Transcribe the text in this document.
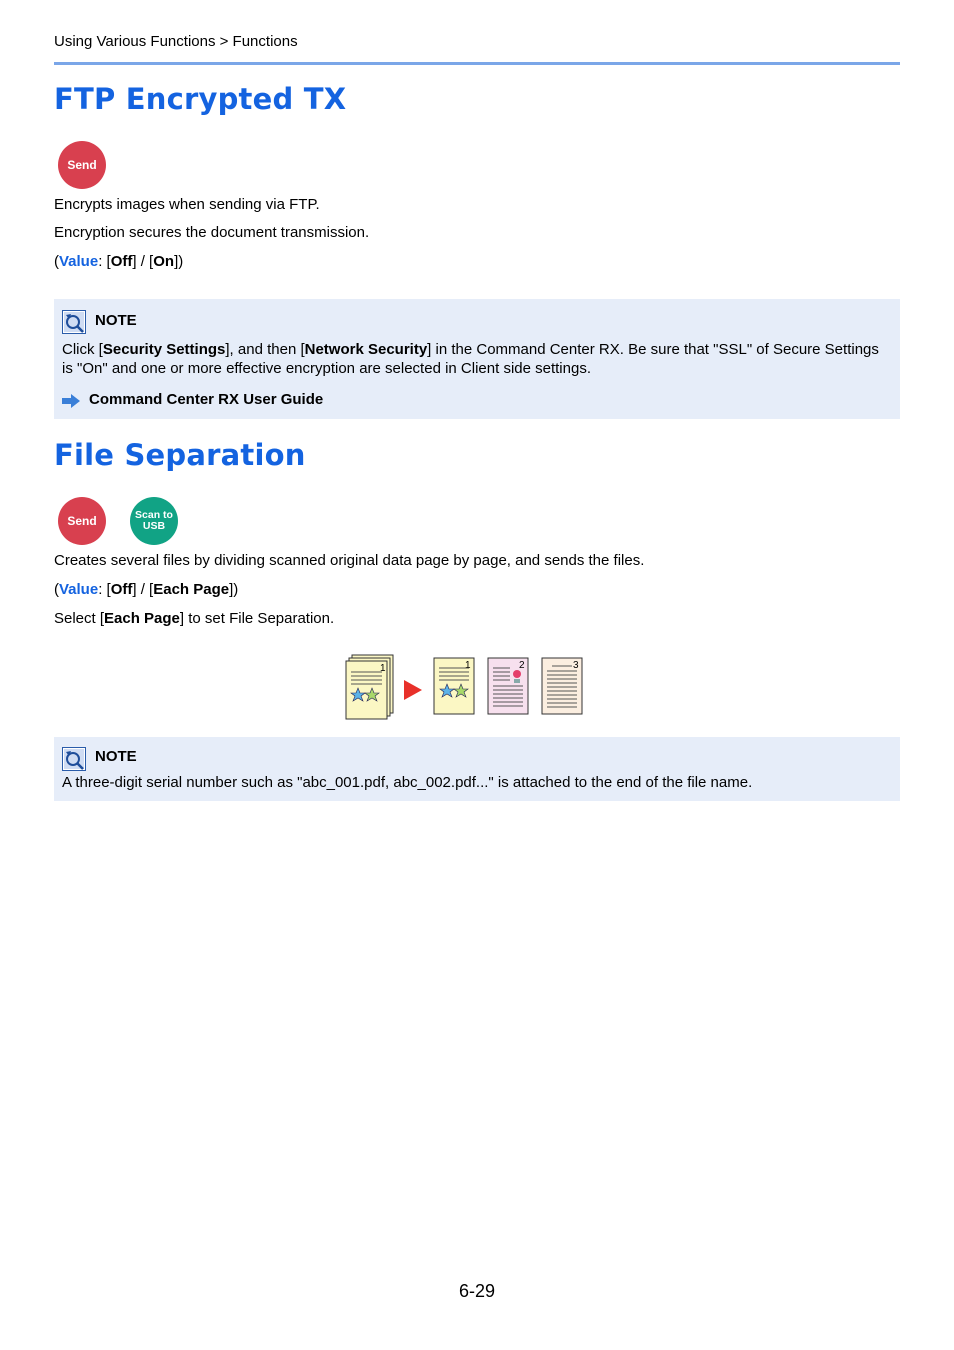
Using Various Functions > Functions
FTP Encrypted TX
Send
Encrypts images when sending via FTP.
Encryption secures the document transmission.
(Value: [Off] / [On])
NOTE
Click [Security Settings], and then [Network Security] in the Command Center RX. Be sure that "SSL" of Secure Settings is "On" and one or more effective encryption are selected in Client side settings.
Command Center RX User Guide
File Separation
Send	Scan to
USB
Creates several files by dividing scanned original data page by page, and sends the files.
(Value: [Off] / [Each Page])
Select [Each Page] to set File Separation.
1	1	2	3
NOTE
A three-digit serial number such as "abc_001.pdf, abc_002.pdf..." is attached to the end of the file name.
6-29
